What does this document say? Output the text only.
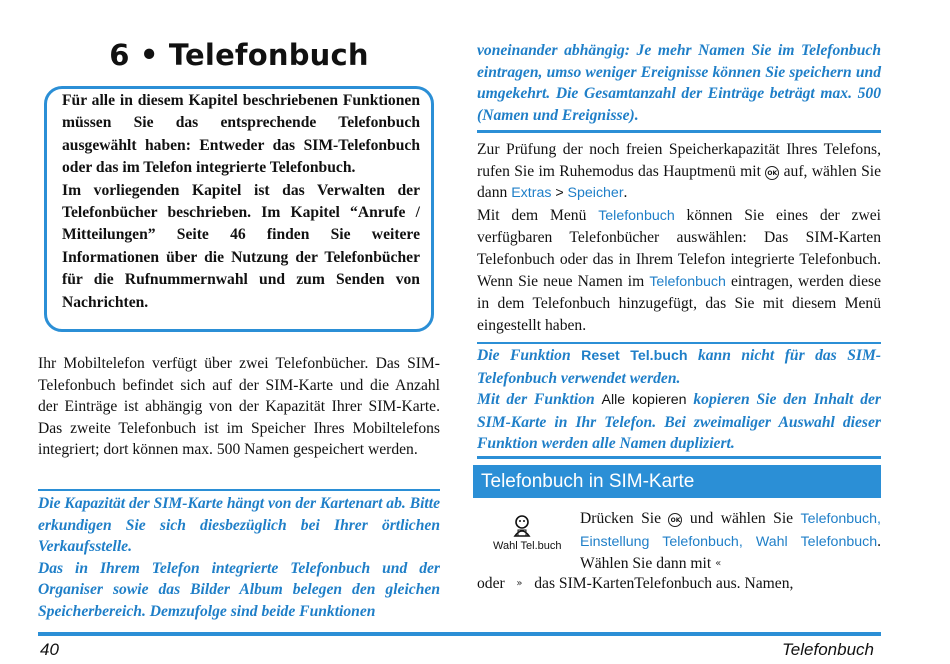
6 • Telefonbuch
Für alle in diesem Kapitel beschriebenen Funktionen müssen Sie das entsprechende Telefonbuch ausgewählt haben: Entweder das SIM-Telefonbuch oder das im Telefon integrierte Telefonbuch.
Im vorliegenden Kapitel ist das Verwalten der Telefonbücher beschrieben. Im Kapitel “Anrufe / Mitteilungen” Seite 46 finden Sie weitere Informationen über die Nutzung der Telefonbücher für die Rufnummernwahl und zum Senden von Nachrichten.

Ihr Mobiltelefon verfügt über zwei Telefonbücher. Das SIM-Telefonbuch befindet sich auf der SIM-Karte und die Anzahl der Einträge ist abhängig von der Kapazität Ihrer SIM-Karte. Das zweite Telefonbuch ist im Speicher Ihres Mobiltelefons integriert; dort können max. 500 Namen gespeichert werden.

Die Kapazität der SIM-Karte hängt von der Kartenart ab. Bitte erkundigen Sie sich diesbezüglich bei Ihrer örtlichen Verkaufsstelle.

Das in Ihrem Telefon integrierte Telefonbuch und der Organiser sowie das Bilder Album belegen den gleichen Speicherbereich. Demzufolge sind beide Funktionen

voneinander abhängig: Je mehr Namen Sie im Telefonbuch eintragen, umso weniger Ereignisse können Sie speichern und umgekehrt. Die Gesamtanzahl der Einträge beträgt max. 500 (Namen und Ereignisse).

Zur Prüfung der noch freien Speicherkapazität Ihres Telefons, rufen Sie im Ruhemodus das Hauptmenü mit OK auf, wählen Sie dann Extras > Speicher.
Mit dem Menü Telefonbuch können Sie eines der zwei verfügbaren Telefonbücher auswählen: Das SIM-Karten Telefonbuch oder das in Ihrem Telefon integrierte Telefonbuch. Wenn Sie neue Namen im Telefonbuch eintragen, werden diese in dem Telefonbuch hinzugefügt, das Sie mit diesem Menü eingestellt haben.

Die Funktion Reset Tel.buch kann nicht für das SIM-Telefonbuch verwendet werden.
Mit der Funktion Alle kopieren kopieren Sie den Inhalt der SIM-Karte in Ihr Telefon. Bei zweimaliger Auswahl dieser Funktion werden alle Namen dupliziert.

Telefonbuch in SIM-Karte
Wahl Tel.buch

Drücken Sie OK und wählen Sie Telefonbuch, Einstellung Telefonbuch, Wahl Telefonbuch. Wählen Sie dann mit «

oder » das SIM-KartenTelefonbuch aus. Namen,

40	Telefonbuch
